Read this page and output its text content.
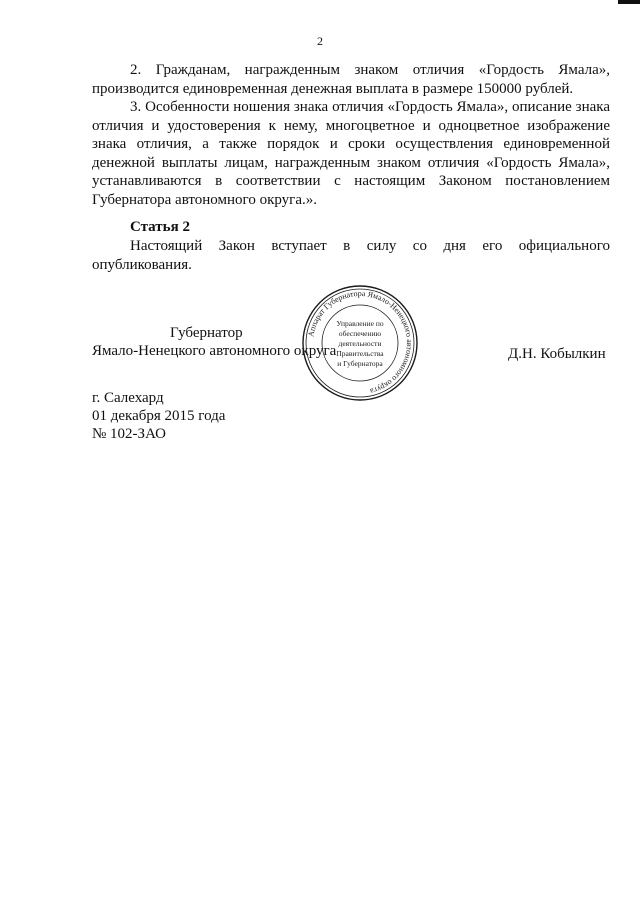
2

2. Гражданам, награжденным знаком отличия «Гордость Ямала», производится единовременная денежная выплата в размере 150000 рублей.

3. Особенности ношения знака отличия «Гордость Ямала», описание знака отличия и удостоверения к нему, многоцветное и одноцветное изображение знака отличия, а также порядок и сроки осуществления единовременной денежной выплаты лицам, награжденным знаком отличия «Гордость Ямала», устанавливаются в соответствии с настоящим Законом постановлением Губернатора автономного округа.».

Статья 2

Настоящий Закон вступает в силу со дня его официального опубликования.

Губернатор
Ямало-Ненецкого автономного округа	Д.Н. Кобылкин
Аппарат Губернатора Ямало-Ненецкого автономного округа
Управление по
обеспечению
деятельности
Правительства
и Губернатора
г. Салехард
01 декабря 2015 года
№ 102-ЗАО
